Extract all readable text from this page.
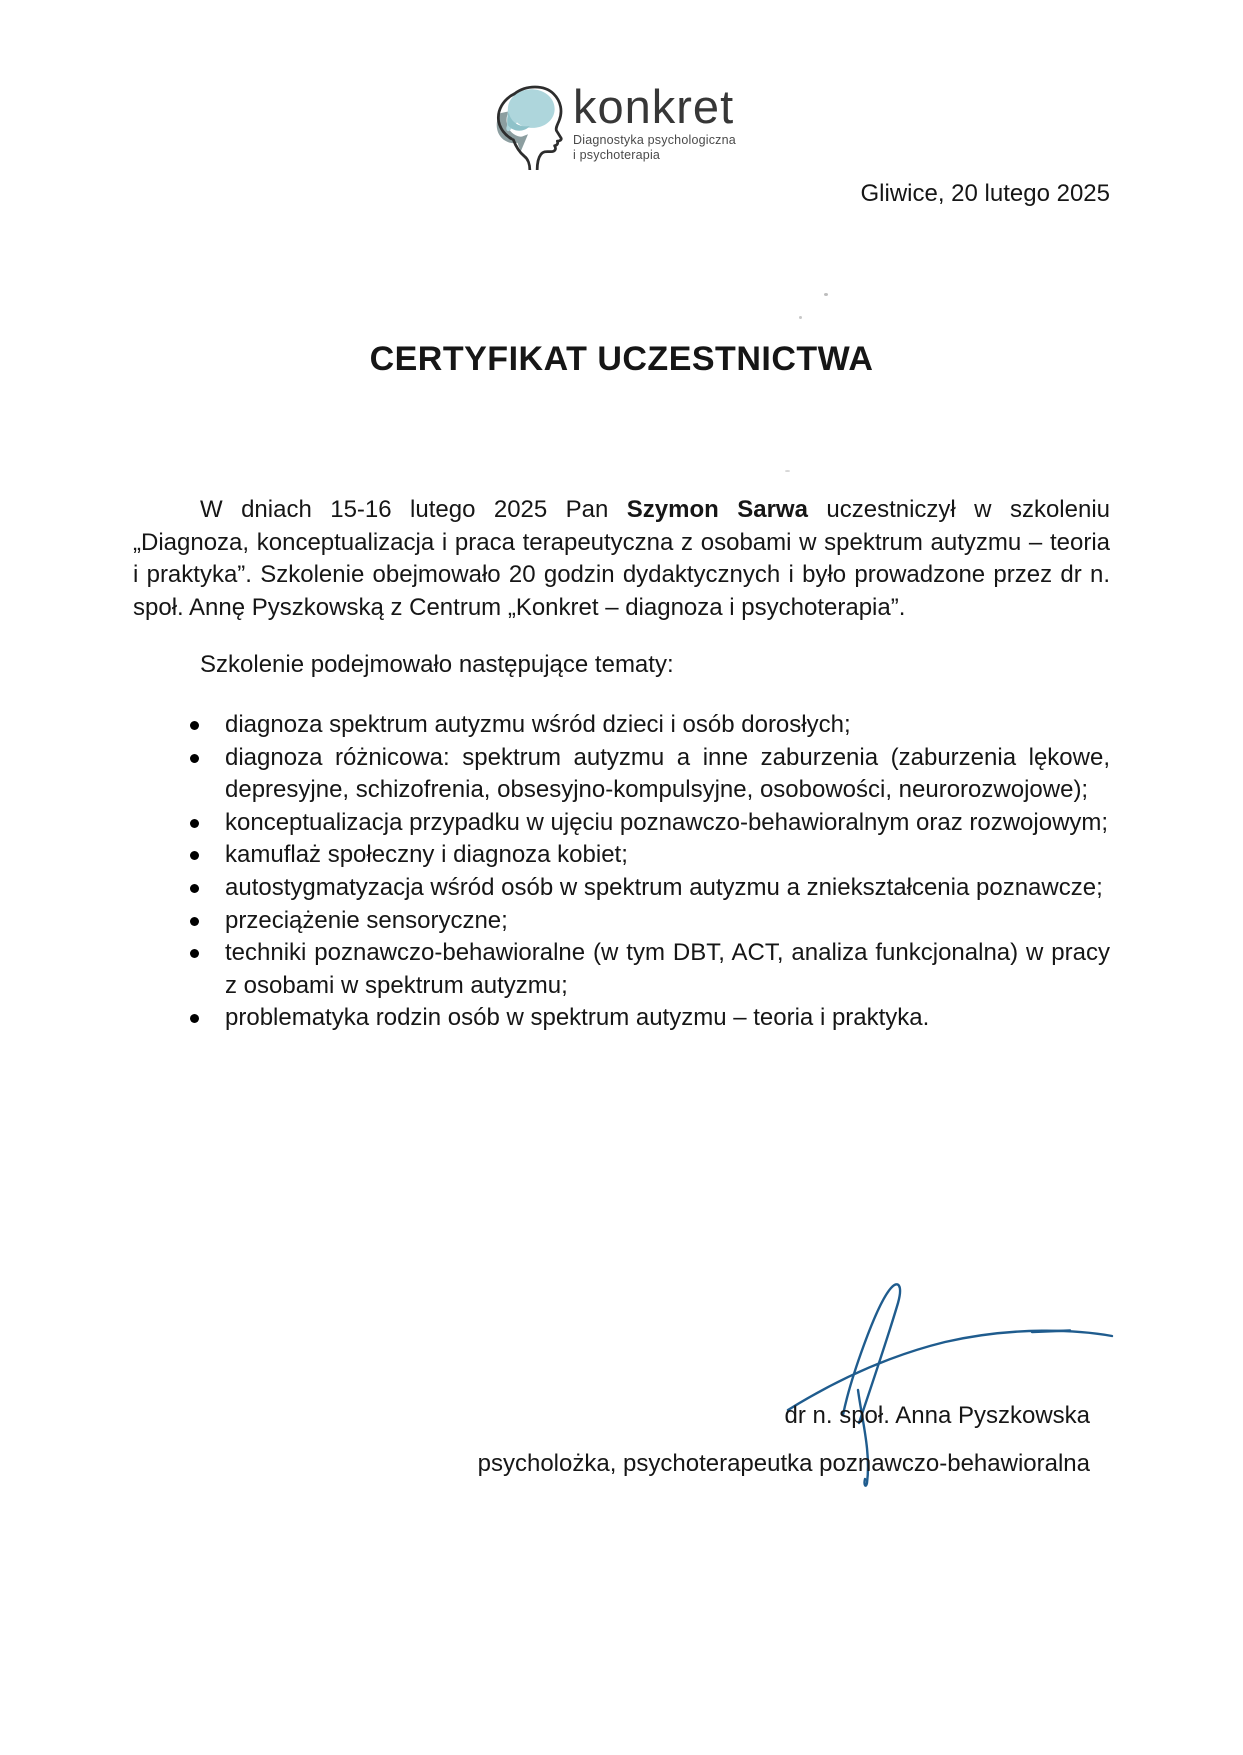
konkret
Diagnostyka psychologiczna
i psychoterapia
Gliwice, 20 lutego 2025
CERTYFIKAT UCZESTNICTWA

W dniach 15-16 lutego 2025 Pan Szymon Sarwa uczestniczył w szkoleniu „Diagnoza, konceptualizacja i praca terapeutyczna z osobami w spektrum autyzmu – teoria i praktyka”. Szkolenie obejmowało 20 godzin dydaktycznych i było prowadzone przez dr n. społ. Annę Pyszkowską z Centrum „Konkret – diagnoza i psychoterapia”.

Szkolenie podejmowało następujące tematy:

diagnoza spektrum autyzmu wśród dzieci i osób dorosłych;
diagnoza różnicowa: spektrum autyzmu a inne zaburzenia (zaburzenia lękowe, depresyjne, schizofrenia, obsesyjno-kompulsyjne, osobowości, neurorozwojowe);
konceptualizacja przypadku w ujęciu poznawczo-behawioralnym oraz rozwojowym;
kamuflaż społeczny i diagnoza kobiet;
autostygmatyzacja wśród osób w spektrum autyzmu a zniekształcenia poznawcze;
przeciążenie sensoryczne;
techniki poznawczo-behawioralne (w tym DBT, ACT, analiza funkcjonalna) w pracy z osobami w spektrum autyzmu;
problematyka rodzin osób w spektrum autyzmu – teoria i praktyka.
dr n. społ. Anna Pyszkowska
psycholożka, psychoterapeutka poznawczo-behawioralna
